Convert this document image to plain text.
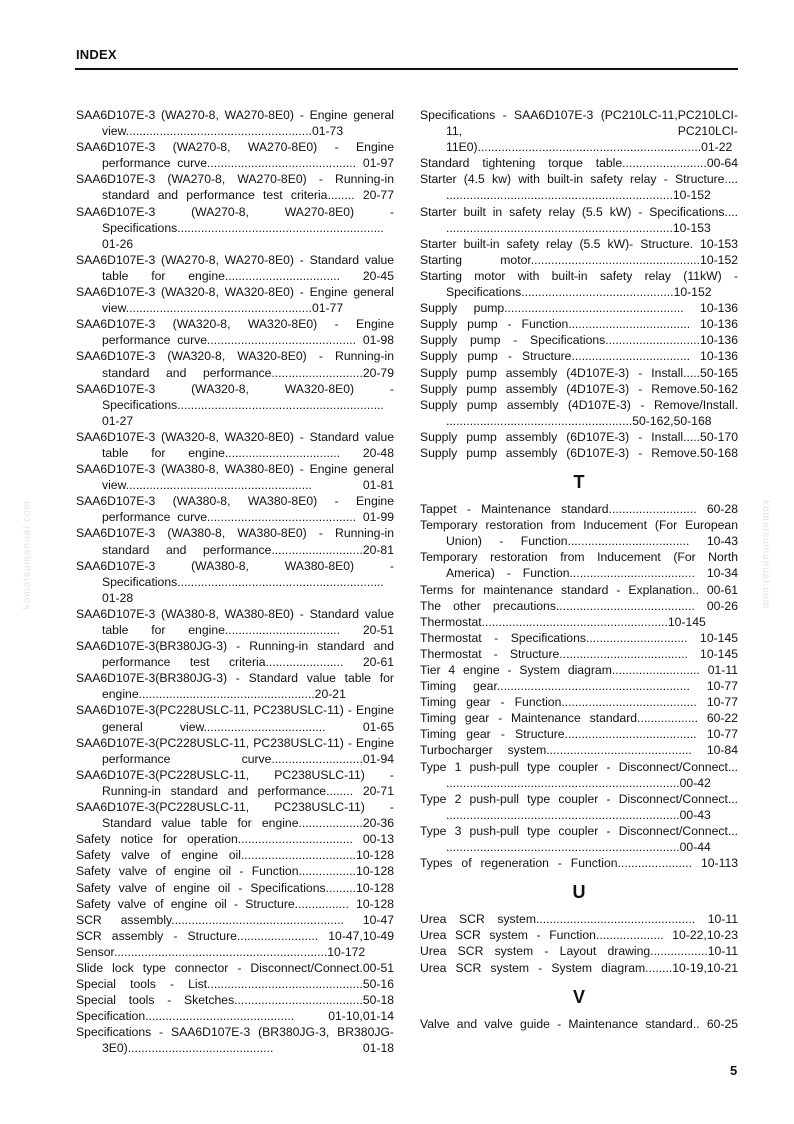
INDEX
komatsumanual.com	komatsumanual.com

SAA6D107E-3 (WA270-8, WA270-8E0) - Engine general view.......................................................01-73

SAA6D107E-3 (WA270-8, WA270-8E0) - Engine performance curve............................................ 01-97

SAA6D107E-3 (WA270-8, WA270-8E0) - Running-in standard and performance test criteria........ 20-77

SAA6D107E-3 (WA270-8, WA270-8E0) - Specifications............................................................. 01-26

SAA6D107E-3 (WA270-8, WA270-8E0) - Standard value table for engine.................................. 20-45

SAA6D107E-3 (WA320-8, WA320-8E0) - Engine general view.......................................................01-77

SAA6D107E-3 (WA320-8, WA320-8E0) - Engine performance curve............................................ 01-98

SAA6D107E-3 (WA320-8, WA320-8E0) - Running-in standard and performance...........................20-79

SAA6D107E-3 (WA320-8, WA320-8E0) - Specifications............................................................. 01-27

SAA6D107E-3 (WA320-8, WA320-8E0) - Standard value table for engine.................................. 20-48

SAA6D107E-3 (WA380-8, WA380-8E0) - Engine general view....................................................... 01-81

SAA6D107E-3 (WA380-8, WA380-8E0) - Engine performance curve............................................ 01-99

SAA6D107E-3 (WA380-8, WA380-8E0) - Running-in standard and performance...........................20-81

SAA6D107E-3 (WA380-8, WA380-8E0) - Specifications............................................................. 01-28

SAA6D107E-3 (WA380-8, WA380-8E0) - Standard value table for engine.................................. 20-51

SAA6D107E-3(BR380JG-3) - Running-in standard and performance test criteria....................... 20-61

SAA6D107E-3(BR380JG-3) - Standard value table for engine....................................................20-21

SAA6D107E-3(PC228USLC-11, PC238USLC-11) - Engine general view.................................... 01-65

SAA6D107E-3(PC228USLC-11, PC238USLC-11) - Engine performance curve...........................01-94

SAA6D107E-3(PC228USLC-11, PC238USLC-11) - Running-in standard and performance........ 20-71

SAA6D107E-3(PC228USLC-11, PC238USLC-11) - Standard value table for engine...................20-36

Safety notice for operation.................................. 00-13

Safety valve of engine oil..................................10-128

Safety valve of engine oil - Function.................10-128

Safety valve of engine oil - Specifications.........10-128

Safety valve of engine oil - Structure................ 10-128

SCR assembly................................................... 10-47

SCR assembly - Structure........................ 10-47,10-49

Sensor...............................................................10-172

Slide lock type connector - Disconnect/Connect.00-51

Special tools - List..............................................50-16

Special tools - Sketches......................................50-18

Specification............................................ 01-10,01-14

Specifications - SAA6D107E-3 (BR380JG-3, BR380JG-3E0)........................................... 01-18

Specifications - SAA6D107E-3 (PC210LC-11,PC210LCI-11, PC210LCI-11E0)..................................................................01-22

Standard tightening torque table.........................00-64

Starter (4.5 kw) with built-in safety relay - Structure.... ...................................................................10-152

Starter built in safety relay (5.5 kW) - Specifications.... ...................................................................10-153

Starter built-in safety relay (5.5 kW)- Structure. 10-153

Starting motor..................................................10-152

Starting motor with built-in safety relay (11kW) - Specifications.............................................10-152

Supply pump..................................................... 10-136

Supply pump - Function.................................... 10-136

Supply pump - Specifications............................10-136

Supply pump - Structure................................... 10-136

Supply pump assembly (4D107E-3) - Install.....50-165

Supply pump assembly (4D107E-3) - Remove.50-162

Supply pump assembly (4D107E-3) - Remove/Install. .......................................................50-162,50-168

Supply pump assembly (6D107E-3) - Install.....50-170

Supply pump assembly (6D107E-3) - Remove.50-168

T

Tappet - Maintenance standard.......................... 60-28

Temporary restoration from Inducement (For European Union) - Function.................................... 10-43

Temporary restoration from Inducement (For North America) - Function..................................... 10-34

Terms for maintenance standard - Explanation.. 00-61

The other precautions......................................... 00-26

Thermostat.......................................................10-145

Thermostat - Specifications.............................. 10-145

Thermostat - Structure...................................... 10-145

Tier 4 engine - System diagram.......................... 01-11

Timing gear......................................................... 10-77

Timing gear - Function........................................ 10-77

Timing gear - Maintenance standard.................. 60-22

Timing gear - Structure....................................... 10-77

Turbocharger system........................................... 10-84

Type 1 push-pull type coupler - Disconnect/Connect... .....................................................................00-42

Type 2 push-pull type coupler - Disconnect/Connect... .....................................................................00-43

Type 3 push-pull type coupler - Disconnect/Connect... .....................................................................00-44

Types of regeneration - Function...................... 10-113

U

Urea SCR system............................................... 10-11

Urea SCR system - Function.................... 10-22,10-23

Urea SCR system - Layout drawing.................10-11

Urea SCR system - System diagram........10-19,10-21

V

Valve and valve guide - Maintenance standard.. 60-25

5
